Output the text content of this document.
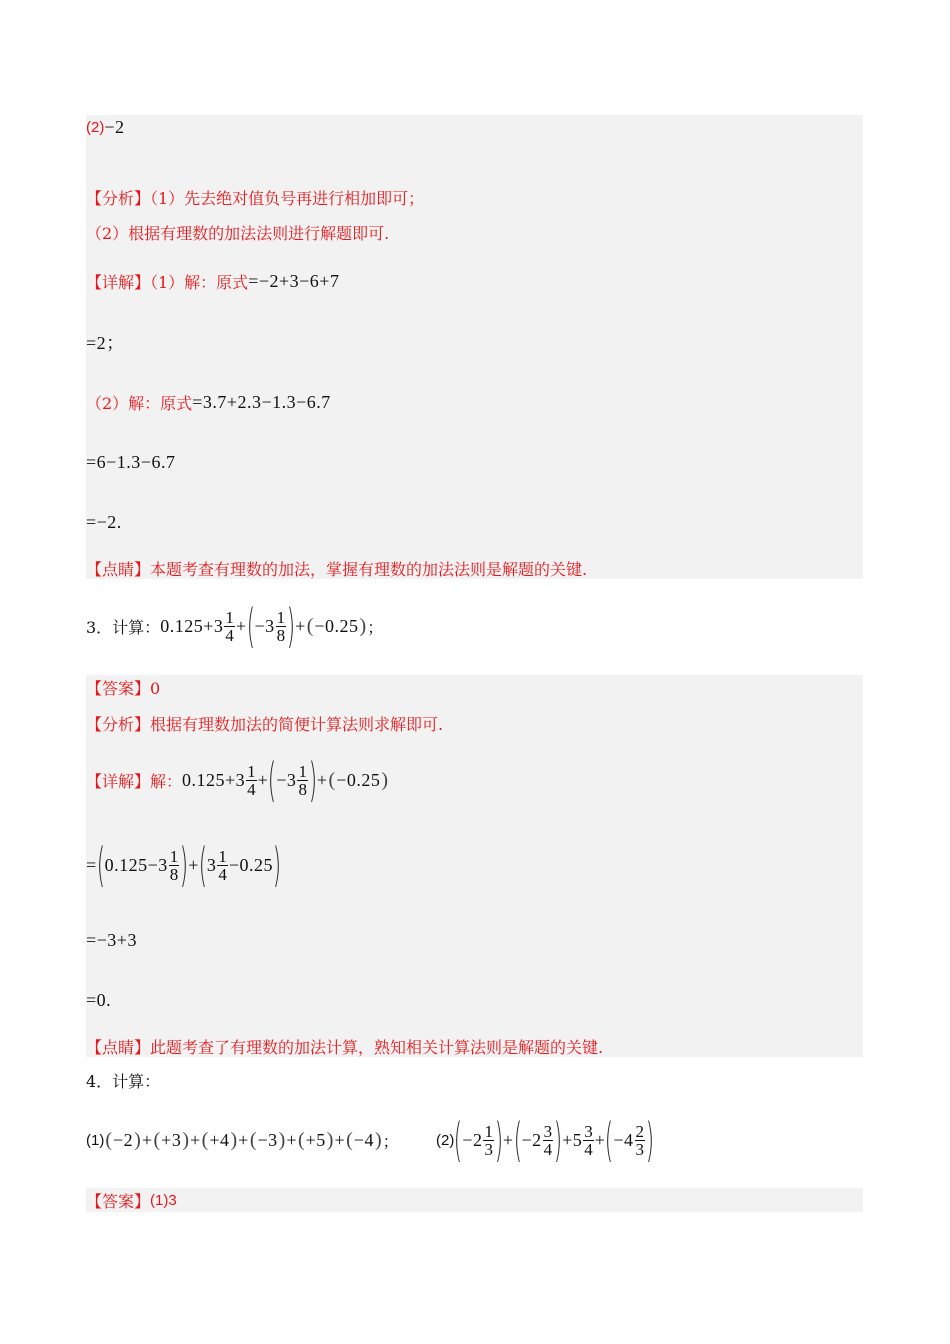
(2) −2
【分析】（1）先去绝对值负号再进行相加即可；
（2）根据有理数的加法法则进行解题即可.
【详解】（1）解：原式 =−2+3−6+7
=2；
（2）解：原式 =3.7+2.3−1.3−6.7
=6−1.3−6.7
=−2.
【点睛】本题考查有理数的加法，掌握有理数的加法法则是解题的关键.
3．计算： $0.125+3 \frac{1}{4}$ + ( $-3 \frac{1}{8}$ ) + ( −0.25 ) ；
【答案】0
【分析】根据有理数加法的简便计算法则求解即可.
【详解】解： $0.125+3 \frac{1}{4}$ + ( $-3 \frac{1}{8}$ ) + ( −0.25 )
= ( $0.125-3 \frac{1}{8}$ ) + ( $3 \frac{1}{4} -0.25$ )
=−3+3
=0.
【点睛】此题考查了有理数的加法计算，熟知相关计算法则是解题的关键.
4．计算：
(1) ( −2 ) + ( +3 ) + ( +4 ) + ( −3 ) + ( +5 ) + ( −4 ) ； (2) ( $-2 \frac{1}{3}$ ) + ( $-2 \frac{3}{4}$ ) $+5 \frac{3}{4}$ + ( $-4 \frac{2}{3}$ )
【答案】 (1)3
